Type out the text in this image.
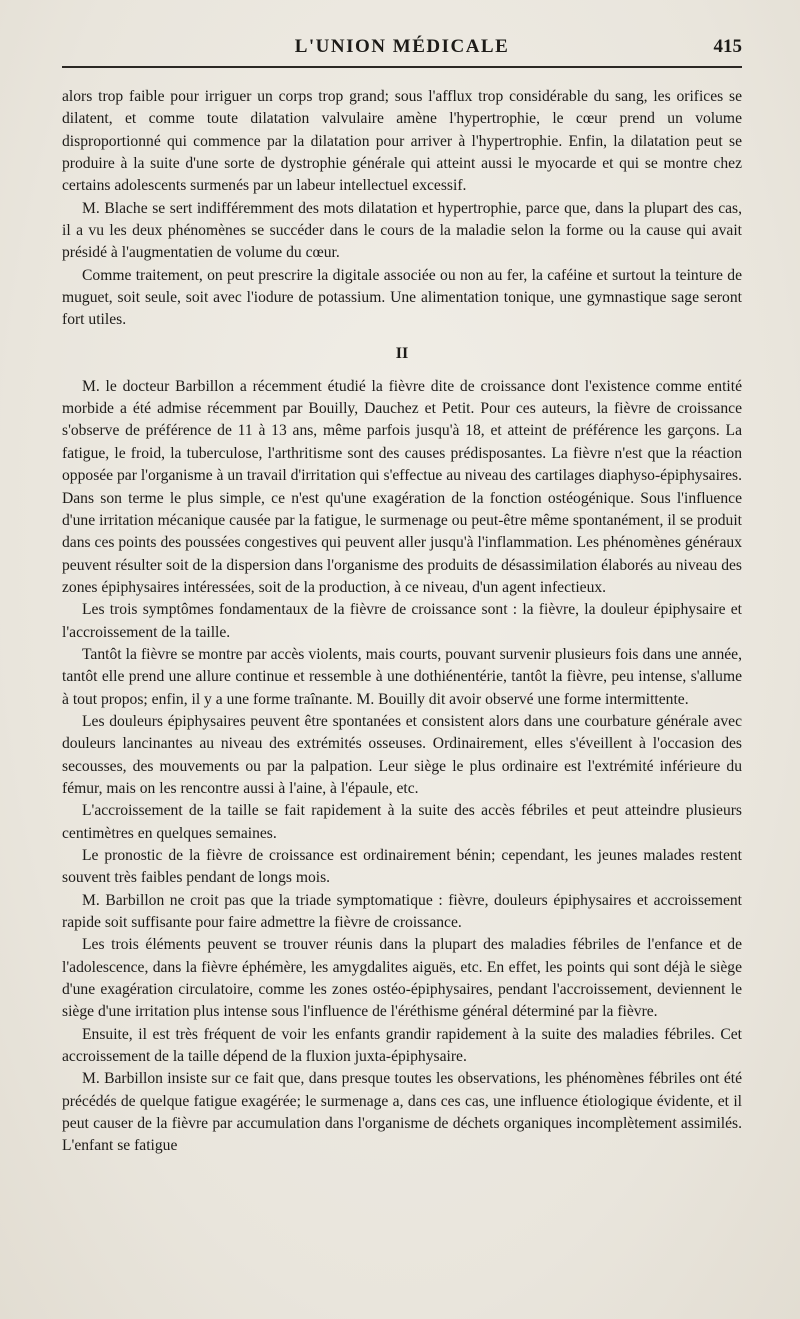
L'UNION MÉDICALE	415

alors trop faible pour irriguer un corps trop grand; sous l'afflux trop considérable du sang, les orifices se dilatent, et comme toute dilatation valvulaire amène l'hypertrophie, le cœur prend un volume disproportionné qui commence par la dilatation pour arriver à l'hypertrophie. Enfin, la dilatation peut se produire à la suite d'une sorte de dystrophie générale qui atteint aussi le myocarde et qui se montre chez certains adolescents surmenés par un labeur intellectuel excessif.

M. Blache se sert indifféremment des mots dilatation et hypertrophie, parce que, dans la plupart des cas, il a vu les deux phénomènes se succéder dans le cours de la maladie selon la forme ou la cause qui avait présidé à l'augmentatien de volume du cœur.

Comme traitement, on peut prescrire la digitale associée ou non au fer, la caféine et surtout la teinture de muguet, soit seule, soit avec l'iodure de potassium. Une alimentation tonique, une gymnastique sage seront fort utiles.

II

M. le docteur Barbillon a récemment étudié la fièvre dite de croissance dont l'existence comme entité morbide a été admise récemment par Bouilly, Dauchez et Petit. Pour ces auteurs, la fièvre de croissance s'observe de préférence de 11 à 13 ans, même parfois jusqu'à 18, et atteint de préférence les garçons. La fatigue, le froid, la tuberculose, l'arthritisme sont des causes prédisposantes. La fièvre n'est que la réaction opposée par l'organisme à un travail d'irritation qui s'effectue au niveau des cartilages diaphyso-épiphysaires. Dans son terme le plus simple, ce n'est qu'une exagération de la fonction ostéogénique. Sous l'influence d'une irritation mécanique causée par la fatigue, le surmenage ou peut-être même spontanément, il se produit dans ces points des poussées congestives qui peuvent aller jusqu'à l'inflammation. Les phénomènes généraux peuvent résulter soit de la dispersion dans l'organisme des produits de désassimilation élaborés au niveau des zones épiphysaires intéressées, soit de la production, à ce niveau, d'un agent infectieux.

Les trois symptômes fondamentaux de la fièvre de croissance sont : la fièvre, la douleur épiphysaire et l'accroissement de la taille.

Tantôt la fièvre se montre par accès violents, mais courts, pouvant survenir plusieurs fois dans une année, tantôt elle prend une allure continue et ressemble à une dothiénentérie, tantôt la fièvre, peu intense, s'allume à tout propos; enfin, il y a une forme traînante. M. Bouilly dit avoir observé une forme intermittente.

Les douleurs épiphysaires peuvent être spontanées et consistent alors dans une courbature générale avec douleurs lancinantes au niveau des extrémités osseuses. Ordinairement, elles s'éveillent à l'occasion des secousses, des mouvements ou par la palpation. Leur siège le plus ordinaire est l'extrémité inférieure du fémur, mais on les rencontre aussi à l'aine, à l'épaule, etc.

L'accroissement de la taille se fait rapidement à la suite des accès fébriles et peut atteindre plusieurs centimètres en quelques semaines.

Le pronostic de la fièvre de croissance est ordinairement bénin; cependant, les jeunes malades restent souvent très faibles pendant de longs mois.

M. Barbillon ne croit pas que la triade symptomatique : fièvre, douleurs épiphysaires et accroissement rapide soit suffisante pour faire admettre la fièvre de croissance.

Les trois éléments peuvent se trouver réunis dans la plupart des maladies fébriles de l'enfance et de l'adolescence, dans la fièvre éphémère, les amygdalites aiguës, etc. En effet, les points qui sont déjà le siège d'une exagération circulatoire, comme les zones ostéo-épiphysaires, pendant l'accroissement, deviennent le siège d'une irritation plus intense sous l'influence de l'éréthisme général déterminé par la fièvre.

Ensuite, il est très fréquent de voir les enfants grandir rapidement à la suite des maladies fébriles. Cet accroissement de la taille dépend de la fluxion juxta-épiphysaire.

M. Barbillon insiste sur ce fait que, dans presque toutes les observations, les phénomènes fébriles ont été précédés de quelque fatigue exagérée; le surmenage a, dans ces cas, une influence étiologique évidente, et il peut causer de la fièvre par accumulation dans l'organisme de déchets organiques incomplètement assimilés. L'enfant se fatigue
